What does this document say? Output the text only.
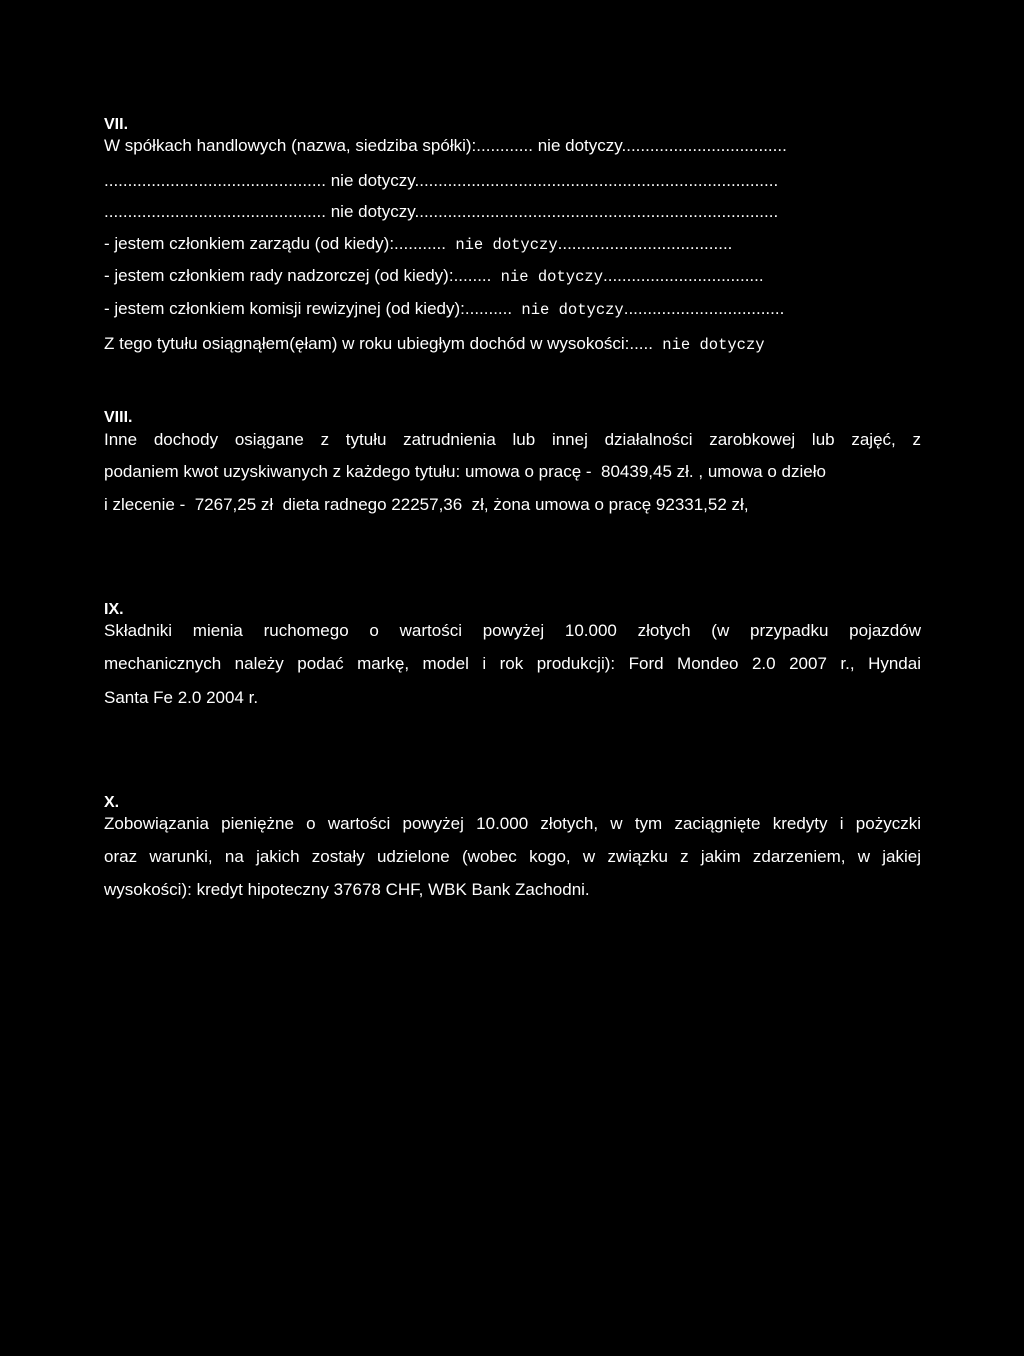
VII.
W spółkach handlowych (nazwa, siedziba spółki):............ nie dotyczy...................................
............................................... nie dotyczy.............................................................................
............................................... nie dotyczy.............................................................................
- jestem członkiem zarządu (od kiedy):........... nie dotyczy.....................................
- jestem członkiem rady nadzorczej (od kiedy):........ nie dotyczy..................................
- jestem członkiem komisji rewizyjnej (od kiedy):.......... nie dotyczy..................................
Z tego tytułu osiągnąłem(ęłam) w roku ubiegłym dochód w wysokości:..... nie dotyczy
VIII.
Inne dochody osiągane z tytułu zatrudnienia lub innej działalności zarobkowej lub zajęć, z
podaniem kwot uzyskiwanych z każdego tytułu: umowa o pracę -  80439,45 zł. , umowa o dzieło
i zlecenie -  7267,25 zł  dieta radnego 22257,36  zł, żona umowa o pracę 92331,52 zł,
IX.
Składniki mienia ruchomego o wartości powyżej 10.000 złotych (w przypadku pojazdów
mechanicznych należy podać markę, model i rok produkcji): Ford Mondeo 2.0 2007 r., Hyndai
Santa Fe 2.0 2004 r.
X.
Zobowiązania pieniężne o wartości powyżej 10.000 złotych, w tym zaciągnięte kredyty i pożyczki
oraz warunki, na jakich zostały udzielone (wobec kogo, w związku z jakim zdarzeniem, w jakiej
wysokości): kredyt hipoteczny 37678 CHF, WBK Bank Zachodni.
